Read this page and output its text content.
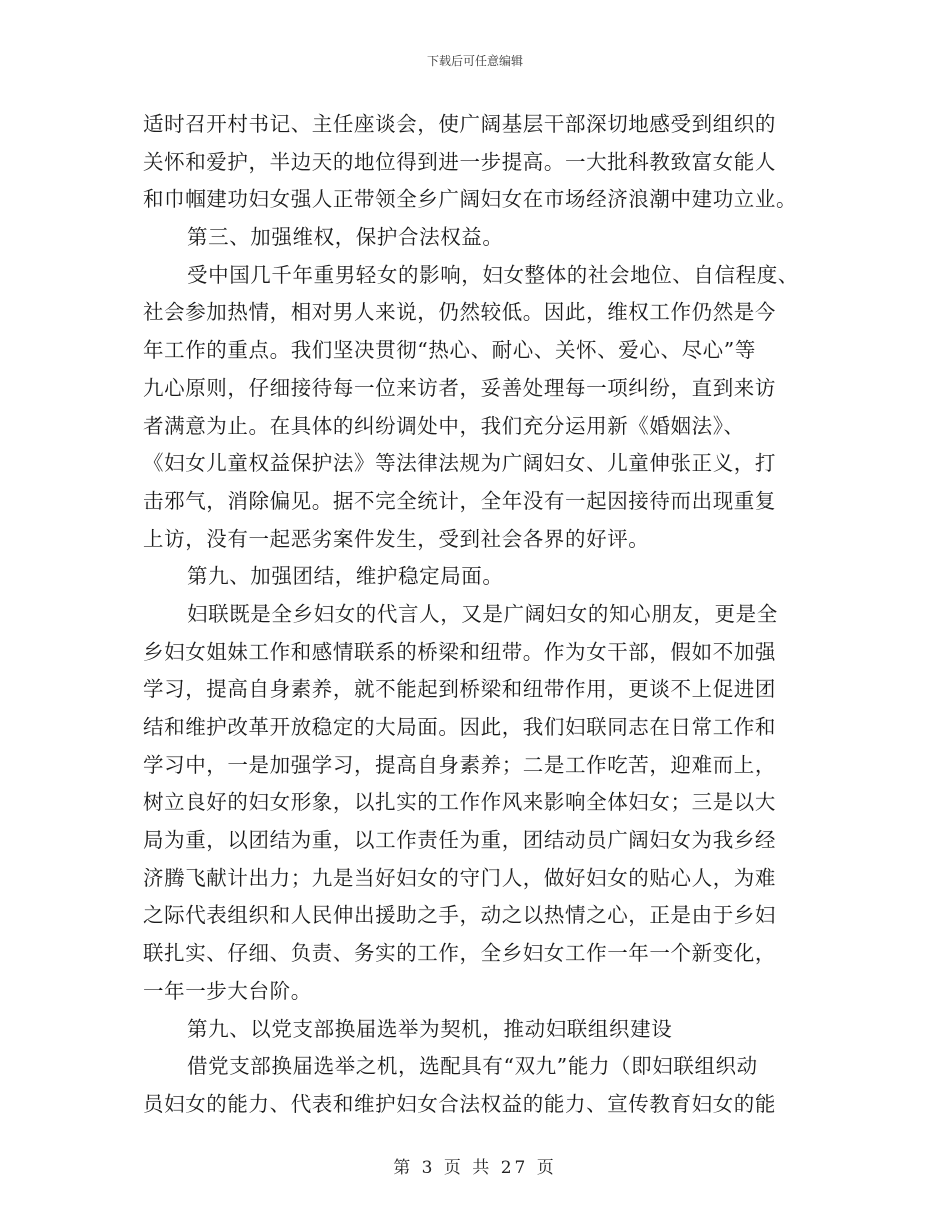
下载后可任意编辑
适时召开村书记、主任座谈会，使广阔基层干部深切地感受到组织的
关怀和爱护，半边天的地位得到进一步提高。一大批科教致富女能人
和巾帼建功妇女强人正带领全乡广阔妇女在市场经济浪潮中建功立业。
第三、加强维权，保护合法权益。
受中国几千年重男轻女的影响，妇女整体的社会地位、自信程度、
社会参加热情，相对男人来说，仍然较低。因此，维权工作仍然是今
年工作的重点。我们坚决贯彻“热心、耐心、关怀、爱心、尽心”等
九心原则，仔细接待每一位来访者，妥善处理每一项纠纷，直到来访
者满意为止。在具体的纠纷调处中，我们充分运用新《婚姻法》、
《妇女儿童权益保护法》等法律法规为广阔妇女、儿童伸张正义，打
击邪气，消除偏见。据不完全统计，全年没有一起因接待而出现重复
上访，没有一起恶劣案件发生，受到社会各界的好评。
第九、加强团结，维护稳定局面。
妇联既是全乡妇女的代言人，又是广阔妇女的知心朋友，更是全
乡妇女姐妹工作和感情联系的桥梁和纽带。作为女干部，假如不加强
学习，提高自身素养，就不能起到桥梁和纽带作用，更谈不上促进团
结和维护改革开放稳定的大局面。因此，我们妇联同志在日常工作和
学习中，一是加强学习，提高自身素养；二是工作吃苦，迎难而上，
树立良好的妇女形象，以扎实的工作作风来影响全体妇女；三是以大
局为重，以团结为重，以工作责任为重，团结动员广阔妇女为我乡经
济腾飞献计出力；九是当好妇女的守门人，做好妇女的贴心人，为难
之际代表组织和人民伸出援助之手，动之以热情之心，正是由于乡妇
联扎实、仔细、负责、务实的工作，全乡妇女工作一年一个新变化，
一年一步大台阶。
第九、以党支部换届选举为契机，推动妇联组织建设
借党支部换届选举之机，选配具有“双九”能力（即妇联组织动
员妇女的能力、代表和维护妇女合法权益的能力、宣传教育妇女的能
第 3 页 共 27 页
